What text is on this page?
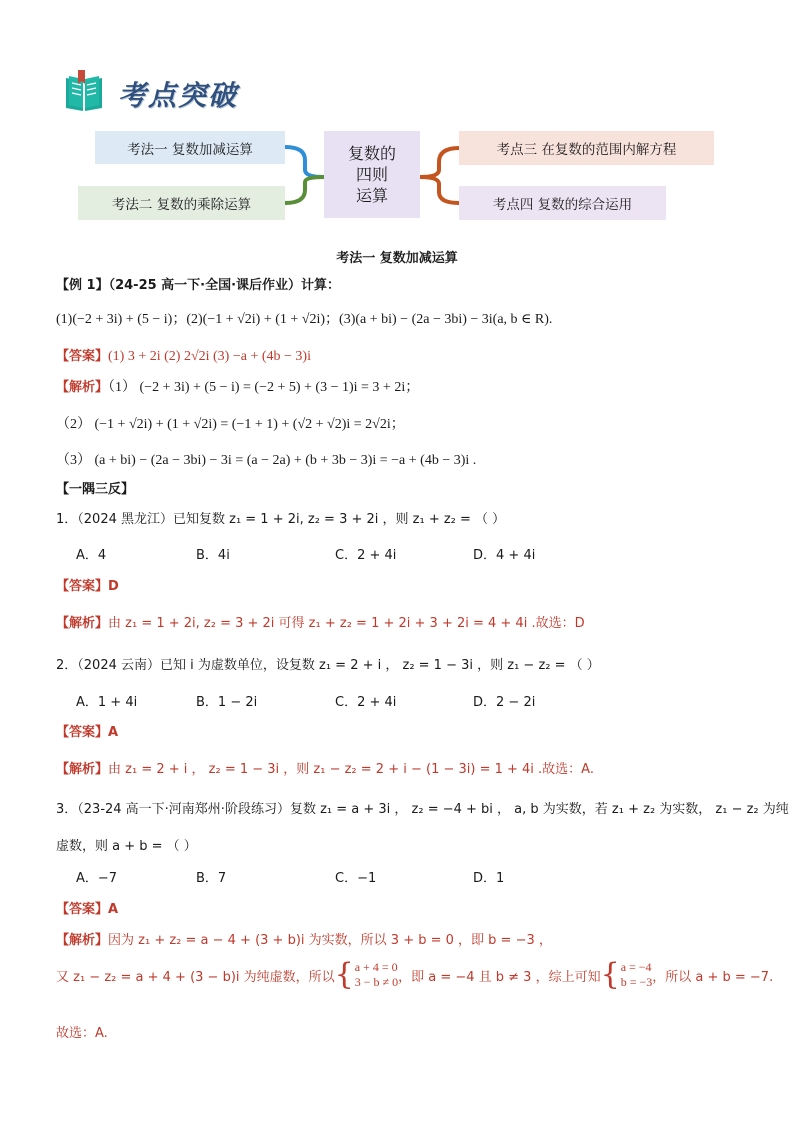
考点突破
考法一 复数加减运算
考法二 复数的乘除运算
复数的
四则
运算
考点三 在复数的范围内解方程
考点四 复数的综合运用
考法一 复数加减运算
【例 1】（24-25 高一下·全国·课后作业）计算：
(1)(−2 + 3i) + (5 − i)；(2)(−1 + √2i) + (1 + √2i)；(3)(a + bi) − (2a − 3bi) − 3i(a, b ∈ R).
【答案】(1) 3 + 2i (2) 2√2i (3) −a + (4b − 3)i
【解析】（1） (−2 + 3i) + (5 − i) = (−2 + 5) + (3 − 1)i = 3 + 2i；
（2） (−1 + √2i) + (1 + √2i) = (−1 + 1) + (√2 + √2)i = 2√2i；
（3） (a + bi) − (2a − 3bi) − 3i = (a − 2a) + (b + 3b − 3)i = −a + (4b − 3)i .
【一隅三反】
1．（2024 黑龙江）已知复数 z₁ = 1 + 2i, z₂ = 3 + 2i ，则 z₁ + z₂ = （ ）
A．4	B．4i	C．2 + 4i	D．4 + 4i
【答案】D
【解析】由 z₁ = 1 + 2i, z₂ = 3 + 2i 可得 z₁ + z₂ = 1 + 2i + 3 + 2i = 4 + 4i .故选：D
2．（2024 云南）已知 i 为虚数单位，设复数 z₁ = 2 + i ， z₂ = 1 − 3i ，则 z₁ − z₂ = （ ）
A．1 + 4i	B．1 − 2i	C．2 + 4i	D．2 − 2i
【答案】A
【解析】由 z₁ = 2 + i ， z₂ = 1 − 3i ，则 z₁ − z₂ = 2 + i − (1 − 3i) = 1 + 4i .故选：A.
3．（23-24 高一下·河南郑州·阶段练习）复数 z₁ = a + 3i ， z₂ = −4 + bi ， a, b 为实数，若 z₁ + z₂ 为实数， z₁ − z₂ 为纯
虚数，则 a + b = （ ）
A．−7	B．7	C．−1	D．1
【答案】A
【解析】因为 z₁ + z₂ = a − 4 + (3 + b)i 为实数，所以 3 + b = 0 ，即 b = −3 ，
又 z₁ − z₂ = a + 4 + (3 − b)i 为纯虚数，所以 { a + 4 = 0
3 − b ≠ 0 ，即 a = −4 且 b ≠ 3 ，综上可知 { a = −4
b = −3 ，所以 a + b = −7.
故选：A.
